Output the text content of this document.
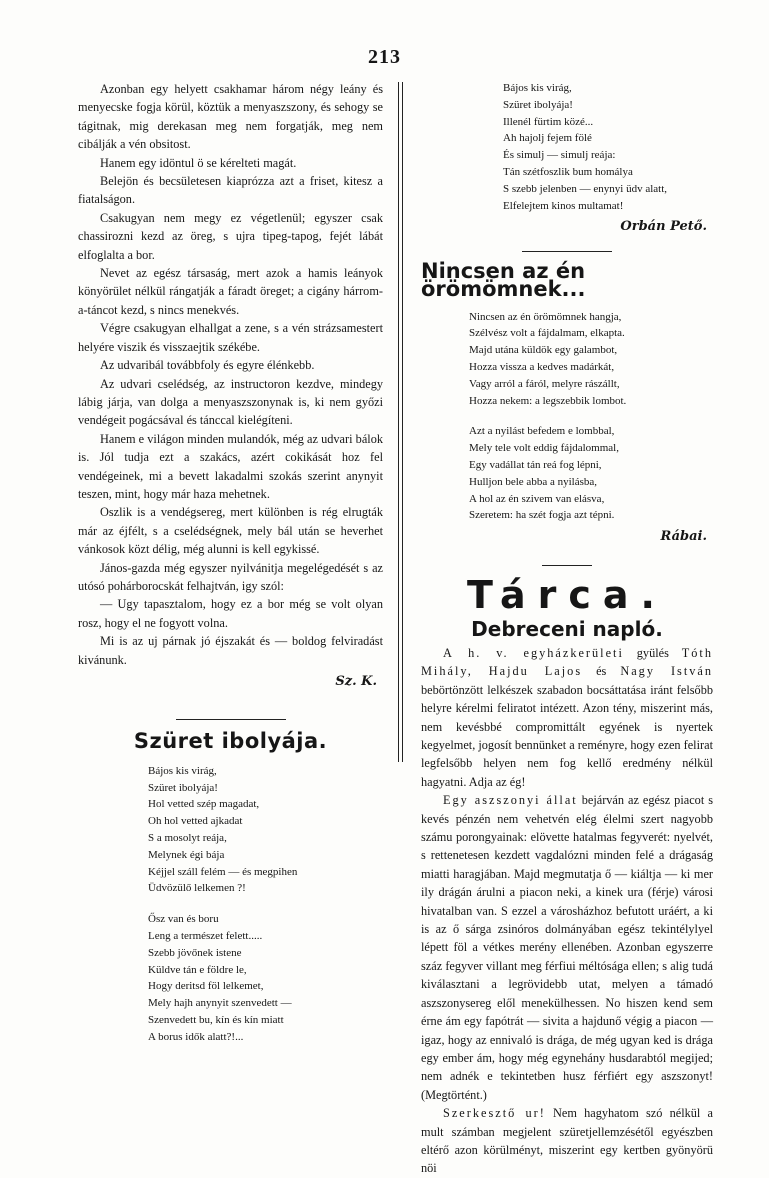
213

Azonban egy helyett csakhamar három négy leány és menyecske fogja körül, köztük a menyaszszony, és sehogy se tágitnak, mig derekasan meg nem forgatják, meg nem cibálják a vén obsitost.

Hanem egy idöntul ö se kérelteti magát.

Belejön és becsületesen kiaprózza azt a friset, kitesz a fiatalságon.

Csakugyan nem megy ez végetlenül; egyszer csak chassirozni kezd az öreg, s ujra tipeg-tapog, fejét lábát elfoglalta a bor.

Nevet az egész társaság, mert azok a hamis leányok könyörület nélkül rángatják a fáradt öreget; a cigány hárrom-a-táncot kezd, s nincs menekvés.

Végre csakugyan elhallgat a zene, s a vén strázsamestert helyére viszik és visszaejtik székébe.

Az udvaribál továbbfoly és egyre élénkebb.

Az udvari cselédség, az instructoron kezdve, mindegy lábig járja, van dolga a menyaszszonynak is, ki nem győzi vendégeit pogácsával és tánccal kielégíteni.

Hanem e világon minden mulandók, még az udvari bálok is. Jól tudja ezt a szakács, azért cokikását hoz fel vendégeinek, mi a bevett lakadalmi szokás szerint anynyit teszen, mint, hogy már haza mehetnek.

Oszlik is a vendégsereg, mert különben is rég elrugták már az éjfélt, s a cselédségnek, mely bál után se heverhet vánkosok közt délig, még alunni is kell egykissé.

János-gazda még egyszer nyilvánitja megelégedését s az utósó pohárborocskát felhajtván, igy szól:

— Ugy tapasztalom, hogy ez a bor még se volt olyan rosz, hogy el ne fogyott volna.

Mi is az uj párnak jó éjszakát és — boldog felviradást kivánunk.

Sz. K.
Szüret ibolyája.
Bájos kis virág,
Szüret ibolyája!
Hol vetted szép magadat,
Oh hol vetted ajkadat
S a mosolyt reája,
Melynek égi bája
Kéjjel száll felém — és megpihen
Üdvözülő lelkemen ?!
Ősz van és boru
Leng a természet felett.....
Szebb jövőnek istene
Küldve tán e földre le,
Hogy deritsd föl lelkemet,
Mely hajh anynyit szenvedett —
Szenvedett bu, kín és kín miatt
A borus idők alatt?!...
Bájos kis virág,
Szüret ibolyája!
Illenél fürtim közé...
Ah hajolj fejem fölé
És simulj — simulj reája:
Tán szétfoszlik bum homálya
S szebb jelenben — enynyi üdv alatt,
Elfelejtem kinos multamat!
Orbán Pető.
Nincsen az én örömömnek...
Nincsen az én örömömnek hangja,
Szélvész volt a fájdalmam, elkapta.
Majd utána küldök egy galambot,
Hozza vissza a kedves madárkát,
Vagy arról a fáról, melyre rászállt,
Hozza nekem: a legszebbik lombot.
Azt a nyilást befedem e lombbal,
Mely tele volt eddig fájdalommal,
Egy vadállat tán reá fog lépni,
Hulljon bele abba a nyilásba,
A hol az én szivem van elásva,
Szeretem: ha szét fogja azt tépni.
Rábai.
Tárca.
Debreceni napló.

A h. v. egyházkerületi gyülés Tóth Mihály, Hajdu Lajos és Nagy István bebörtönzött lelkészek szabadon bocsáttatása iránt felsőbb helyre kérelmi feliratot intézett. Azon tény, miszerint más, nem kevésbbé compromittált egyének is nyertek kegyelmet, jogosít bennünket a reményre, hogy ezen felirat legfelsőbb helyen nem fog kellő eredmény nélkül hagyatni. Adja az ég!

Egy aszszonyi állat bejárván az egész piacot s kevés pénzén nem vehetvén elég élelmi szert nagyobb számu porongyainak: elövette hatalmas fegyverét: nyelvét, s rettenetesen kezdett vagdalózni minden felé a drágaság miatti haragjában. Majd megmutatja ő — kiáltja — ki mer ily drágán árulni a piacon neki, a kinek ura (férje) városi hivatalban van. S ezzel a városházhoz befutott uráért, a ki is az ő sárga zsinóros dolmányában egész tekintélylyel lépett föl a vétkes merény ellenében. Azonban egyszerre száz fegyver villant meg férfiui méltósága ellen; s alig tudá kiválasztani a legrövidebb utat, melyen a támadó aszszonysereg elől menekülhessen. No hiszen kend sem érne ám egy fapótrát — sivita a hajdunő végig a piacon — igaz, hogy az ennivaló is drága, de még ugyan ked is drága egy ember ám, hogy még egynehány husdarabtól megijed; nem adnék e tekintetben husz férfiért egy aszszonyt! (Megtörtént.)

Szerkesztő ur! Nem hagyhatom szó nélkül a mult számban megjelent szüretjellemzésétől egyészben eltérő azon körülményt, miszerint egy kertben gyönyörü nöi
